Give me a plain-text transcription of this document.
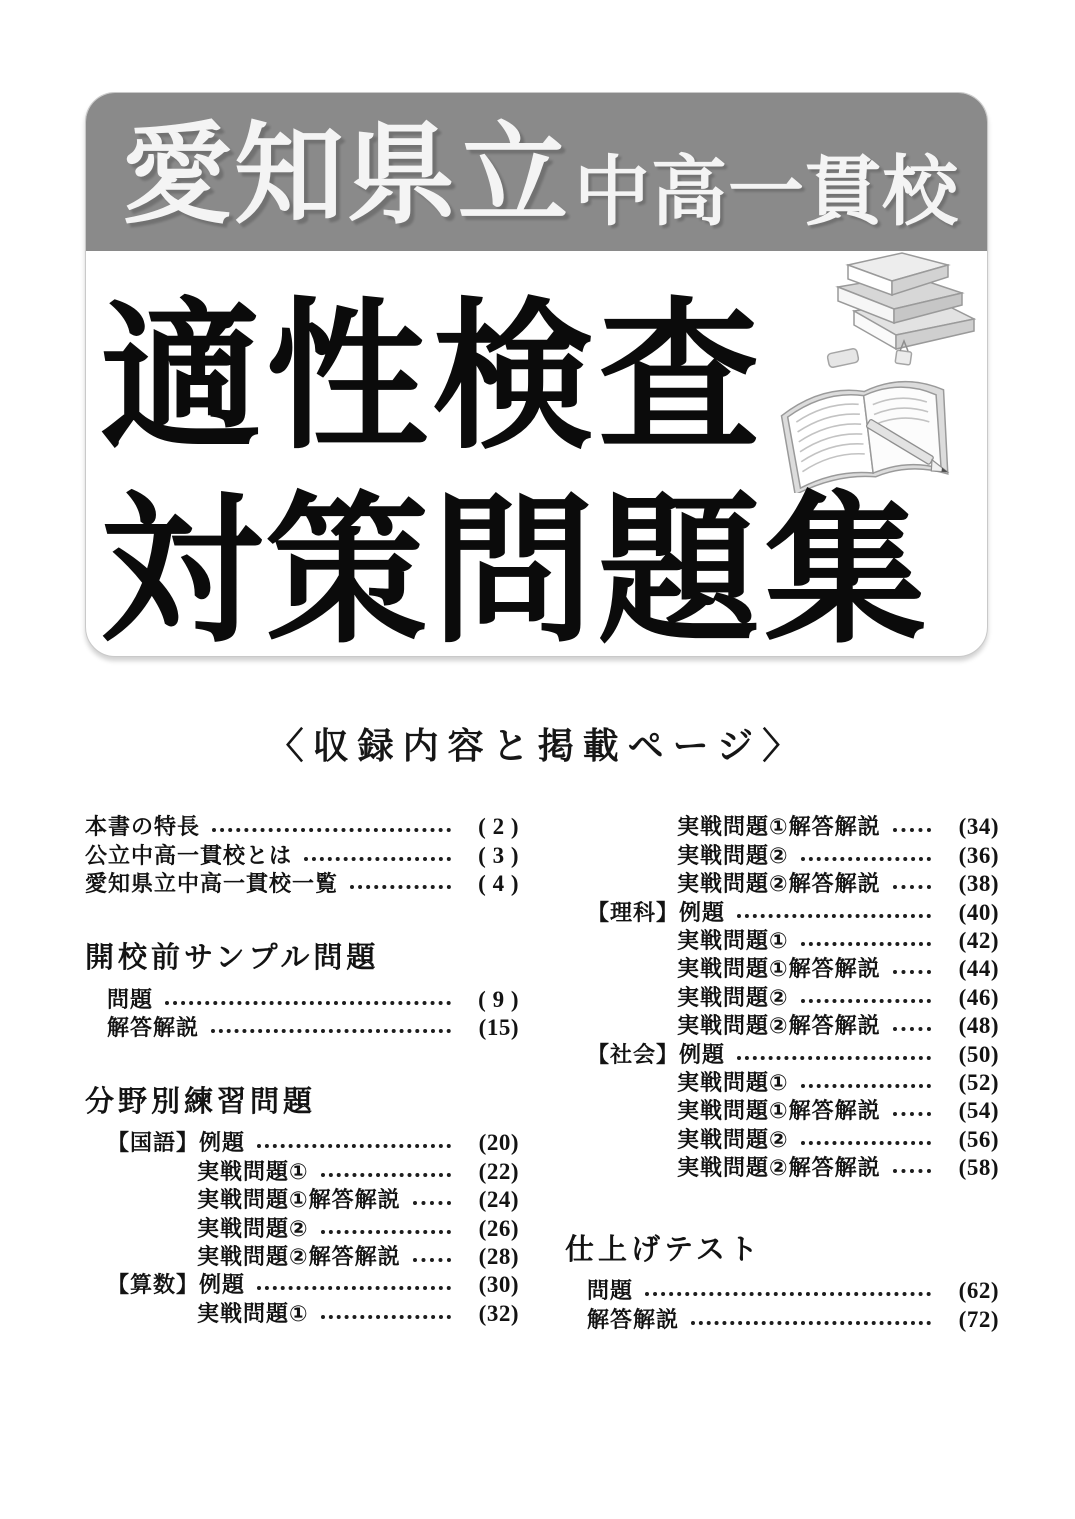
愛知県立 中高一貫校
適性検査
対策問題集
〈収録内容と掲載ページ〉
本書の特長	( 2 )
公立中高一貫校とは	( 3 )
愛知県立中高一貫校一覧	( 4 )
開校前サンプル問題
問題	( 9 )
解答解説	(15)
分野別練習問題
【国語】 例題	(20)
実戦問題①	(22)
実戦問題①解答解説	(24)
実戦問題②	(26)
実戦問題②解答解説	(28)
【算数】 例題	(30)
実戦問題①	(32)
実戦問題①解答解説	(34)
実戦問題②	(36)
実戦問題②解答解説	(38)
【理科】 例題	(40)
実戦問題①	(42)
実戦問題①解答解説	(44)
実戦問題②	(46)
実戦問題②解答解説	(48)
【社会】 例題	(50)
実戦問題①	(52)
実戦問題①解答解説	(54)
実戦問題②	(56)
実戦問題②解答解説	(58)
仕上げテスト
問題	(62)
解答解説	(72)
